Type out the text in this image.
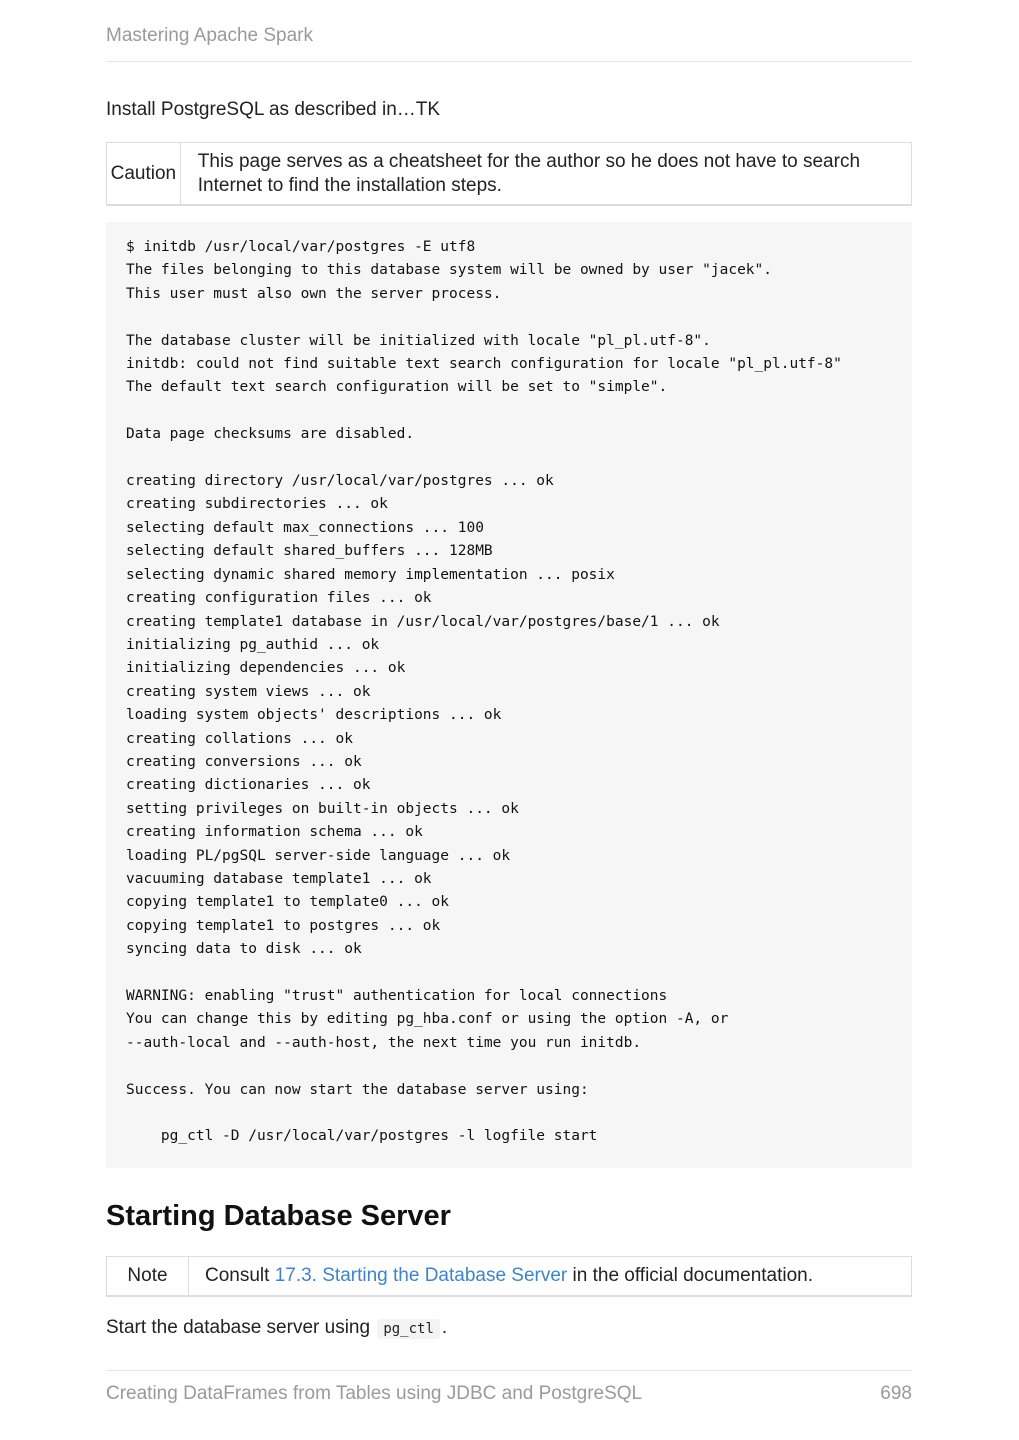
Mastering Apache Spark
Install PostgreSQL as described in…TK
Caution
This page serves as a cheatsheet for the author so he does not have to search Internet to find the installation steps.
$ initdb /usr/local/var/postgres -E utf8
The files belonging to this database system will be owned by user "jacek".
This user must also own the server process.

The database cluster will be initialized with locale "pl_pl.utf-8".
initdb: could not find suitable text search configuration for locale "pl_pl.utf-8"
The default text search configuration will be set to "simple".

Data page checksums are disabled.

creating directory /usr/local/var/postgres ... ok
creating subdirectories ... ok
selecting default max_connections ... 100
selecting default shared_buffers ... 128MB
selecting dynamic shared memory implementation ... posix
creating configuration files ... ok
creating template1 database in /usr/local/var/postgres/base/1 ... ok
initializing pg_authid ... ok
initializing dependencies ... ok
creating system views ... ok
loading system objects' descriptions ... ok
creating collations ... ok
creating conversions ... ok
creating dictionaries ... ok
setting privileges on built-in objects ... ok
creating information schema ... ok
loading PL/pgSQL server-side language ... ok
vacuuming database template1 ... ok
copying template1 to template0 ... ok
copying template1 to postgres ... ok
syncing data to disk ... ok

WARNING: enabling "trust" authentication for local connections
You can change this by editing pg_hba.conf or using the option -A, or
--auth-local and --auth-host, the next time you run initdb.

Success. You can now start the database server using:

pg_ctl -D /usr/local/var/postgres -l logfile start

Starting Database Server
Note	Consult 17.3. Starting the Database Server in the official documentation.
Start the database server using pg_ctl .
Creating DataFrames from Tables using JDBC and PostgreSQL	698
